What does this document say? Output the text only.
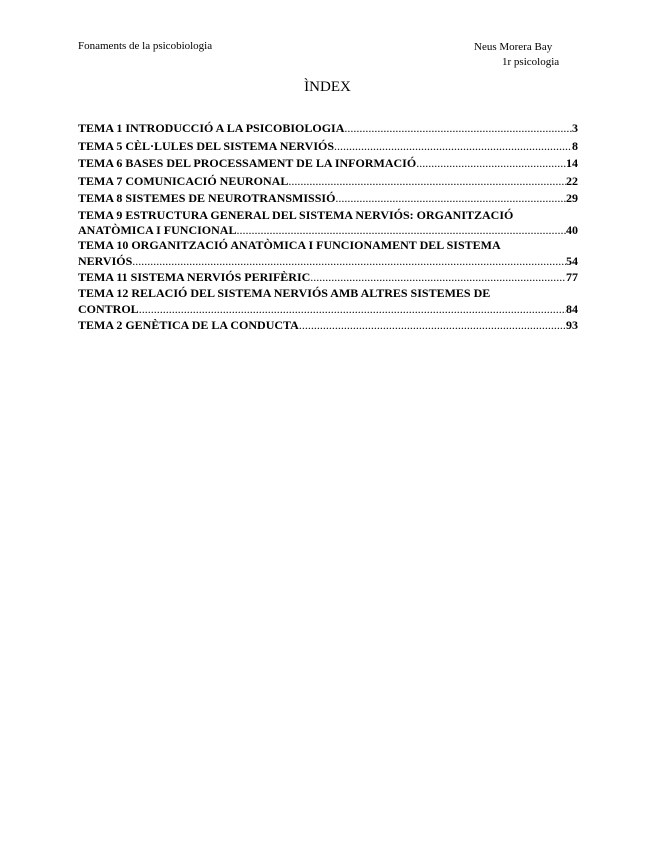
Fonaments de la psicobiologia	Neus Morera Bay
1r psicologia
ÌNDEX
TEMA 1 INTRODUCCIÓ A LA PSICOBIOLOGIA .....	3
TEMA 5 CÈL·LULES DEL SISTEMA NERVIÓS .....	8
TEMA 6 BASES DEL PROCESSAMENT DE LA INFORMACIÓ .....	14
TEMA 7 COMUNICACIÓ NEURONAL .....	22
TEMA 8 SISTEMES DE NEUROTRANSMISSIÓ .....	29
TEMA 9 ESTRUCTURA GENERAL DEL SISTEMA NERVIÓS: ORGANITZACIÓ
ANATÒMICA I FUNCIONAL .....	40
TEMA 10 ORGANITZACIÓ ANATÒMICA I FUNCIONAMENT DEL SISTEMA
NERVIÓS .....	54
TEMA 11 SISTEMA NERVIÓS PERIFÈRIC .....	77
TEMA 12 RELACIÓ DEL SISTEMA NERVIÓS AMB ALTRES SISTEMES DE
CONTROL .....	84
TEMA 2 GENÈTICA DE LA CONDUCTA .....	93
